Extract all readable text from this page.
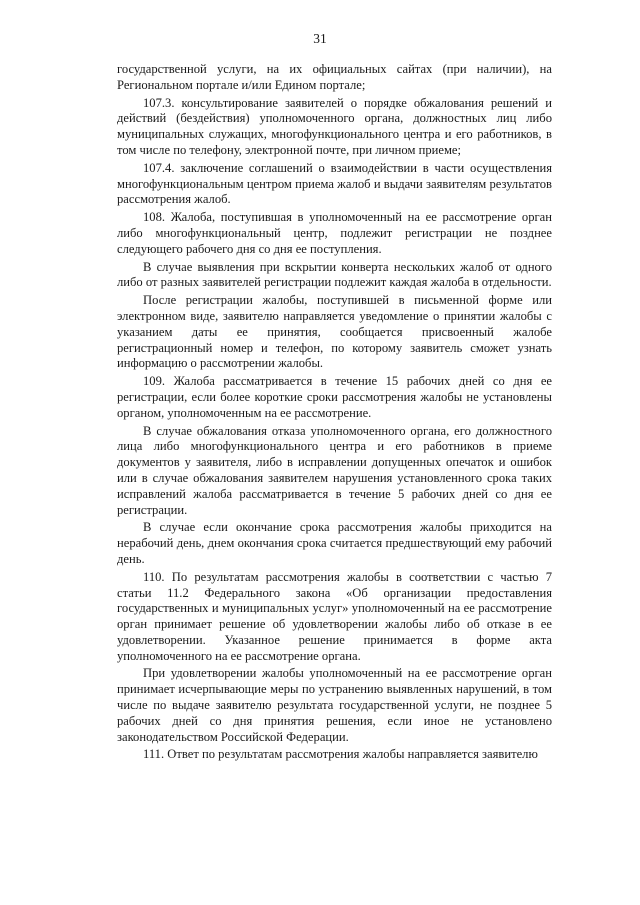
31

государственной услуги, на их официальных сайтах (при наличии), на Региональном портале и/или Едином портале;

107.3. консультирование заявителей о порядке обжалования решений и действий (бездействия) уполномоченного органа, должностных лиц либо муниципальных служащих, многофункционального центра и его работников, в том числе по телефону, электронной почте, при личном приеме;

107.4. заключение соглашений о взаимодействии в части осуществления многофункциональным центром приема жалоб и выдачи заявителям результатов рассмотрения жалоб.

108. Жалоба, поступившая в уполномоченный на ее рассмотрение орган либо многофункциональный центр, подлежит регистрации не позднее следующего рабочего дня со дня ее поступления.

В случае выявления при вскрытии конверта нескольких жалоб от одного либо от разных заявителей регистрации подлежит каждая жалоба в отдельности.

После регистрации жалобы, поступившей в письменной форме или электронном виде, заявителю направляется уведомление о принятии жалобы с указанием даты ее принятия, сообщается присвоенный жалобе регистрационный номер и телефон, по которому заявитель сможет узнать информацию о рассмотрении жалобы.

109. Жалоба рассматривается в течение 15 рабочих дней со дня ее регистрации, если более короткие сроки рассмотрения жалобы не установлены органом, уполномоченным на ее рассмотрение.

В случае обжалования отказа уполномоченного органа, его должностного лица либо многофункционального центра и его работников в приеме документов у заявителя, либо в исправлении допущенных опечаток и ошибок или в случае обжалования заявителем нарушения установленного срока таких исправлений жалоба рассматривается в течение 5 рабочих дней со дня ее регистрации.

В случае если окончание срока рассмотрения жалобы приходится на нерабочий день, днем окончания срока считается предшествующий ему рабочий день.

110. По результатам рассмотрения жалобы в соответствии с частью 7 статьи 11.2 Федерального закона «Об организации предоставления государственных и муниципальных услуг» уполномоченный на ее рассмотрение орган принимает решение об удовлетворении жалобы либо об отказе в ее удовлетворении. Указанное решение принимается в форме акта уполномоченного на ее рассмотрение органа.

При удовлетворении жалобы уполномоченный на ее рассмотрение орган принимает исчерпывающие меры по устранению выявленных нарушений, в том числе по выдаче заявителю результата государственной услуги, не позднее 5 рабочих дней со дня принятия решения, если иное не установлено законодательством Российской Федерации.

111. Ответ по результатам рассмотрения жалобы направляется заявителю
